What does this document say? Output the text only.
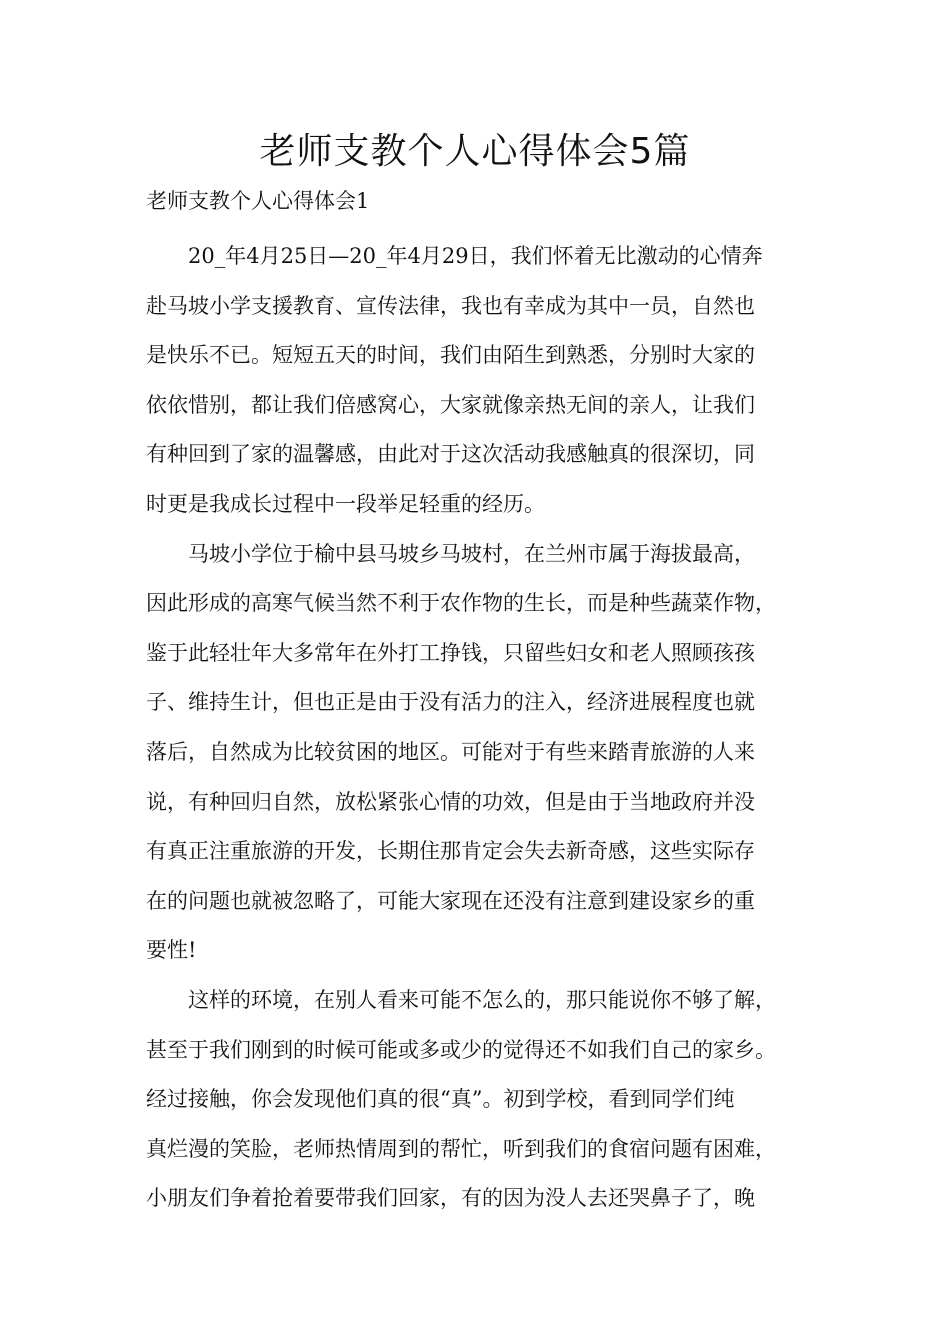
老师支教个人心得体会5篇

老师支教个人心得体会1

20_年4月25日—20_年4月29日，我们怀着无比激动的心情奔
赴马坡小学支援教育、宣传法律，我也有幸成为其中一员，自然也
是快乐不已。短短五天的时间，我们由陌生到熟悉，分别时大家的
依依惜别，都让我们倍感窝心，大家就像亲热无间的亲人，让我们
有种回到了家的温馨感，由此对于这次活动我感触真的很深切，同
时更是我成长过程中一段举足轻重的经历。
马坡小学位于榆中县马坡乡马坡村，在兰州市属于海拔最高，
因此形成的高寒气候当然不利于农作物的生长，而是种些蔬菜作物，
鉴于此轻壮年大多常年在外打工挣钱，只留些妇女和老人照顾孩孩
子、维持生计，但也正是由于没有活力的注入，经济进展程度也就
落后，自然成为比较贫困的地区。可能对于有些来踏青旅游的人来
说，有种回归自然，放松紧张心情的功效，但是由于当地政府并没
有真正注重旅游的开发，长期住那肯定会失去新奇感，这些实际存
在的问题也就被忽略了，可能大家现在还没有注意到建设家乡的重
要性!
这样的环境，在别人看来可能不怎么的，那只能说你不够了解，
甚至于我们刚到的时候可能或多或少的觉得还不如我们自己的家乡。
经过接触，你会发现他们真的很“真”。初到学校，看到同学们纯
真烂漫的笑脸，老师热情周到的帮忙，听到我们的食宿问题有困难，
小朋友们争着抢着要带我们回家，有的因为没人去还哭鼻子了，晚
